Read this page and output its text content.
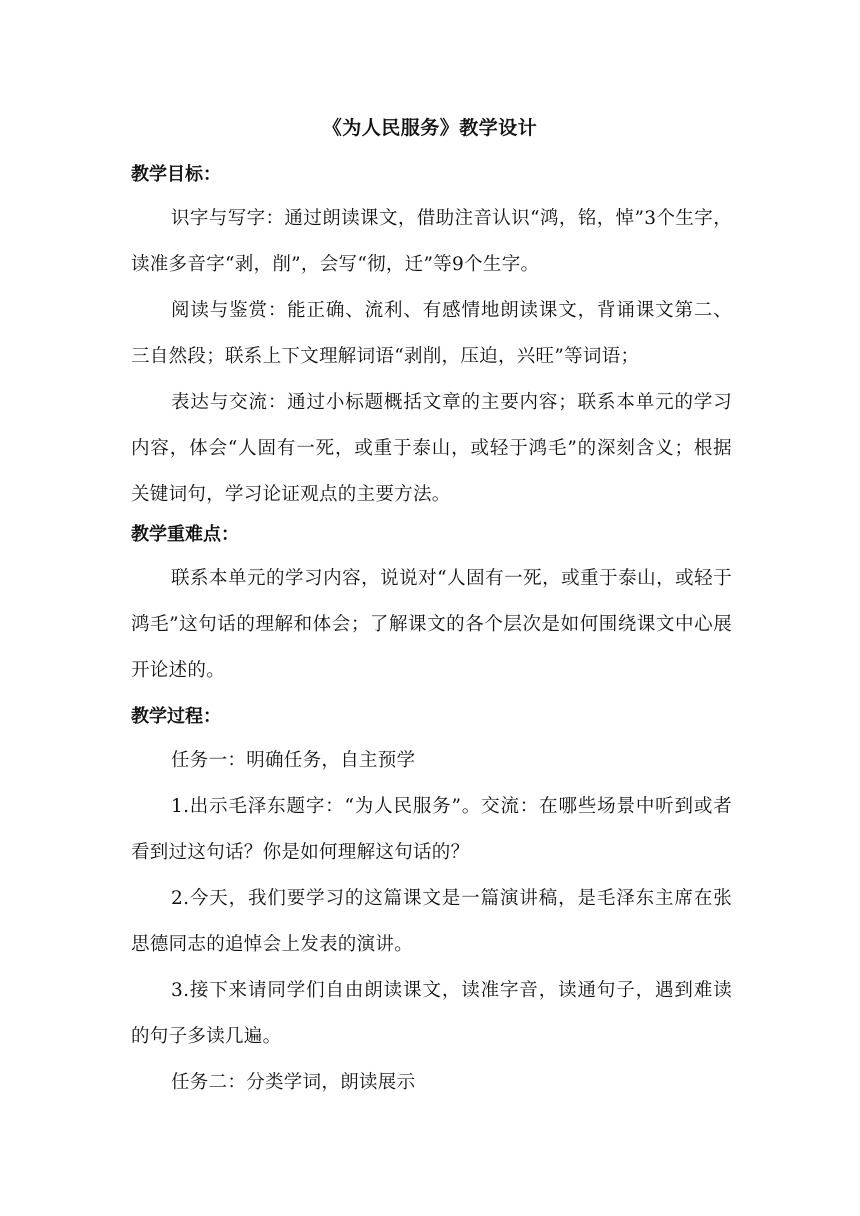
《为人民服务》教学设计
教学目标：
识字与写字：通过朗读课文，借助注音认识“鸿，铭，悼”3个生字，读准多音字“剥，削”，会写“彻，迁”等9个生字。
阅读与鉴赏：能正确、流利、有感情地朗读课文，背诵课文第二、三自然段；联系上下文理解词语“剥削，压迫，兴旺”等词语；
表达与交流：通过小标题概括文章的主要内容；联系本单元的学习内容，体会“人固有一死，或重于泰山，或轻于鸿毛”的深刻含义；根据关键词句，学习论证观点的主要方法。
教学重难点：
联系本单元的学习内容，说说对“人固有一死，或重于泰山，或轻于鸿毛”这句话的理解和体会；了解课文的各个层次是如何围绕课文中心展开论述的。
教学过程：
任务一：明确任务，自主预学
1.出示毛泽东题字：“为人民服务”。交流：在哪些场景中听到或者看到过这句话？你是如何理解这句话的？
2.今天，我们要学习的这篇课文是一篇演讲稿，是毛泽东主席在张思德同志的追悼会上发表的演讲。
3.接下来请同学们自由朗读课文，读准字音，读通句子，遇到难读的句子多读几遍。
任务二：分类学词，朗读展示
